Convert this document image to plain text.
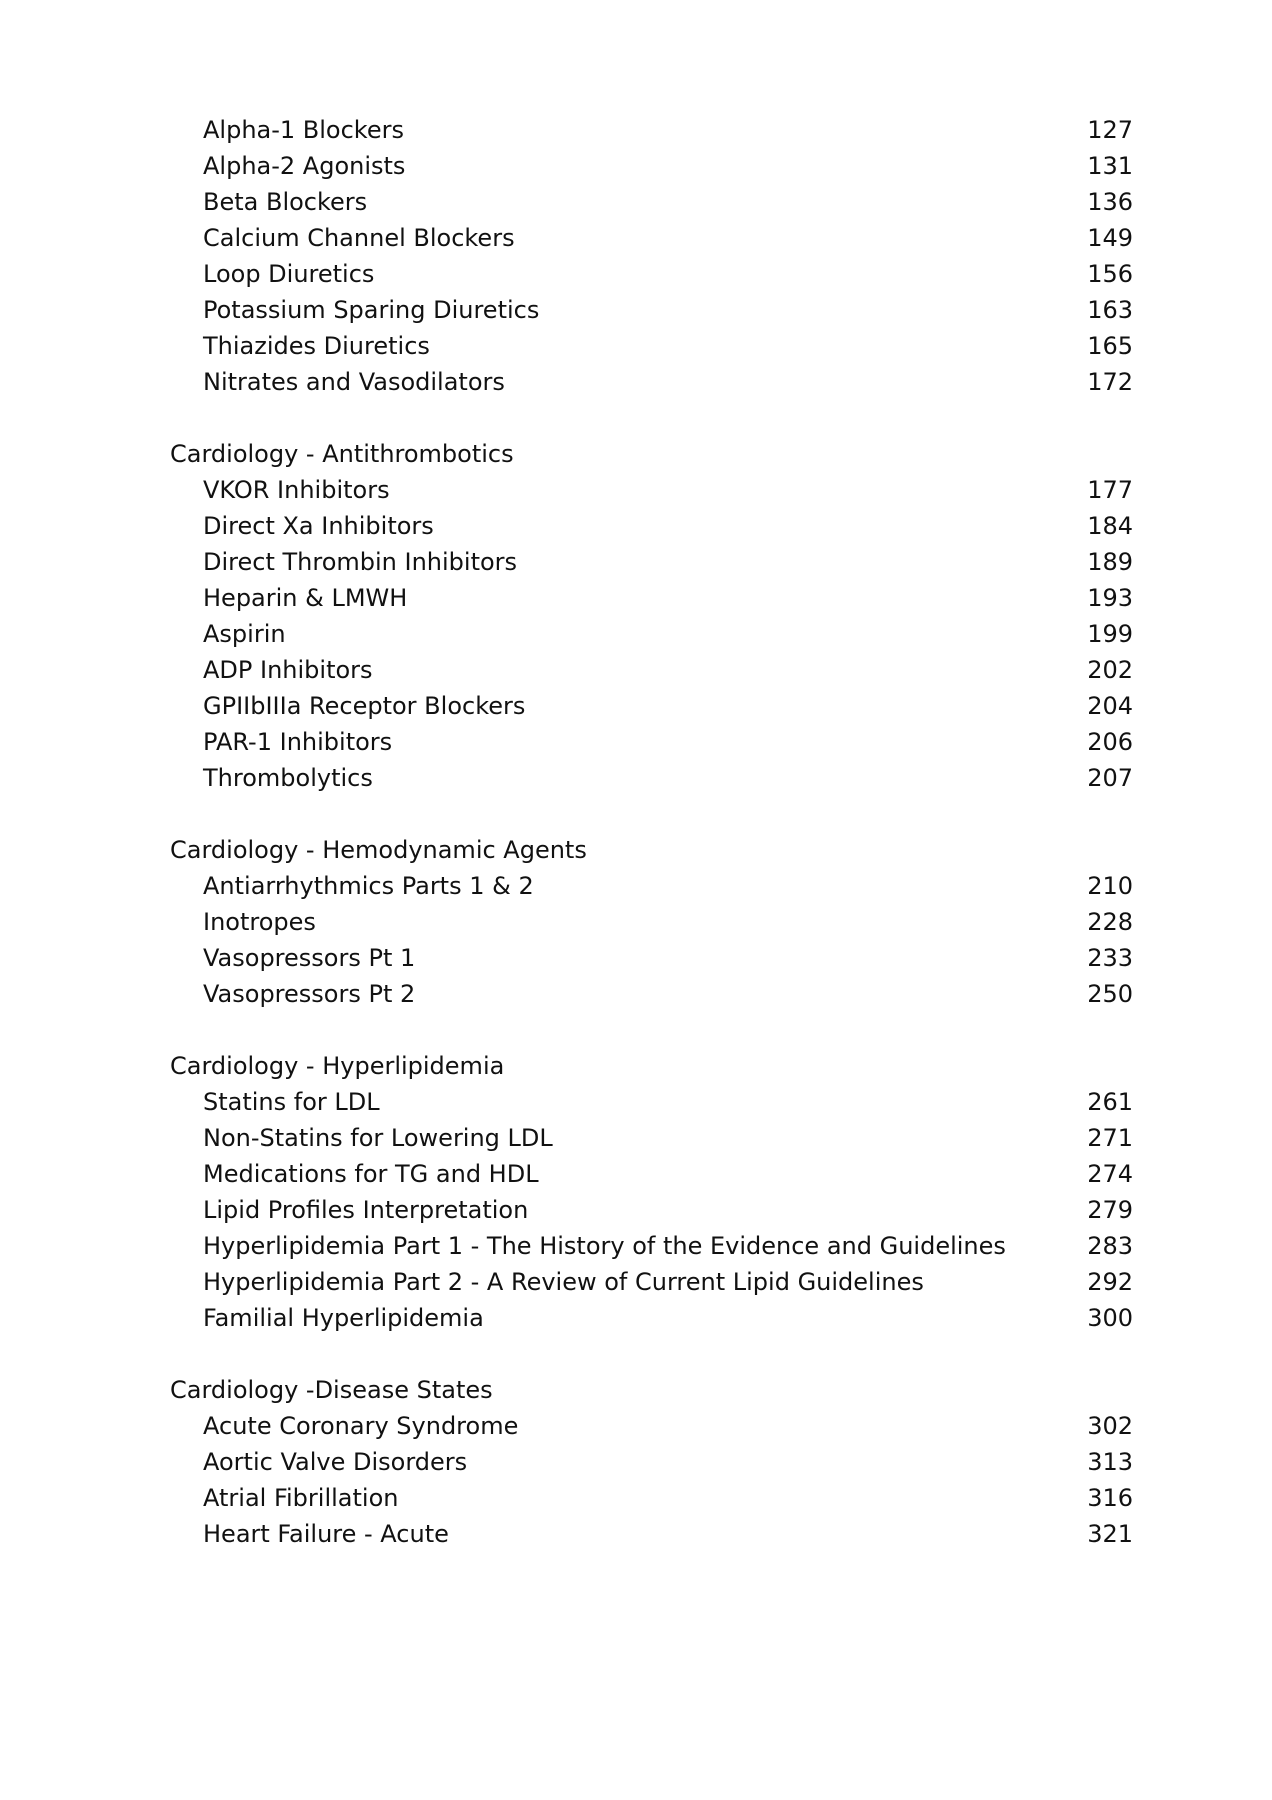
Alpha-1 Blockers	127
Alpha-2 Agonists	131
Beta Blockers	136
Calcium Channel Blockers	149
Loop Diuretics	156
Potassium Sparing Diuretics	163
Thiazides Diuretics	165
Nitrates and Vasodilators	172
Cardiology - Antithrombotics
VKOR Inhibitors	177
Direct Xa Inhibitors	184
Direct Thrombin Inhibitors	189
Heparin & LMWH	193
Aspirin	199
ADP Inhibitors	202
GPIIbIIIa Receptor Blockers	204
PAR-1 Inhibitors	206
Thrombolytics	207
Cardiology - Hemodynamic Agents
Antiarrhythmics Parts 1 & 2	210
Inotropes	228
Vasopressors Pt 1	233
Vasopressors Pt 2	250
Cardiology - Hyperlipidemia
Statins for LDL	261
Non-Statins for Lowering LDL	271
Medications for TG and HDL	274
Lipid Profiles Interpretation	279
Hyperlipidemia Part 1 - The History of the Evidence and Guidelines	283
Hyperlipidemia Part 2 - A Review of Current Lipid Guidelines	292
Familial Hyperlipidemia	300
Cardiology -Disease States
Acute Coronary Syndrome	302
Aortic Valve Disorders	313
Atrial Fibrillation	316
Heart Failure - Acute	321
